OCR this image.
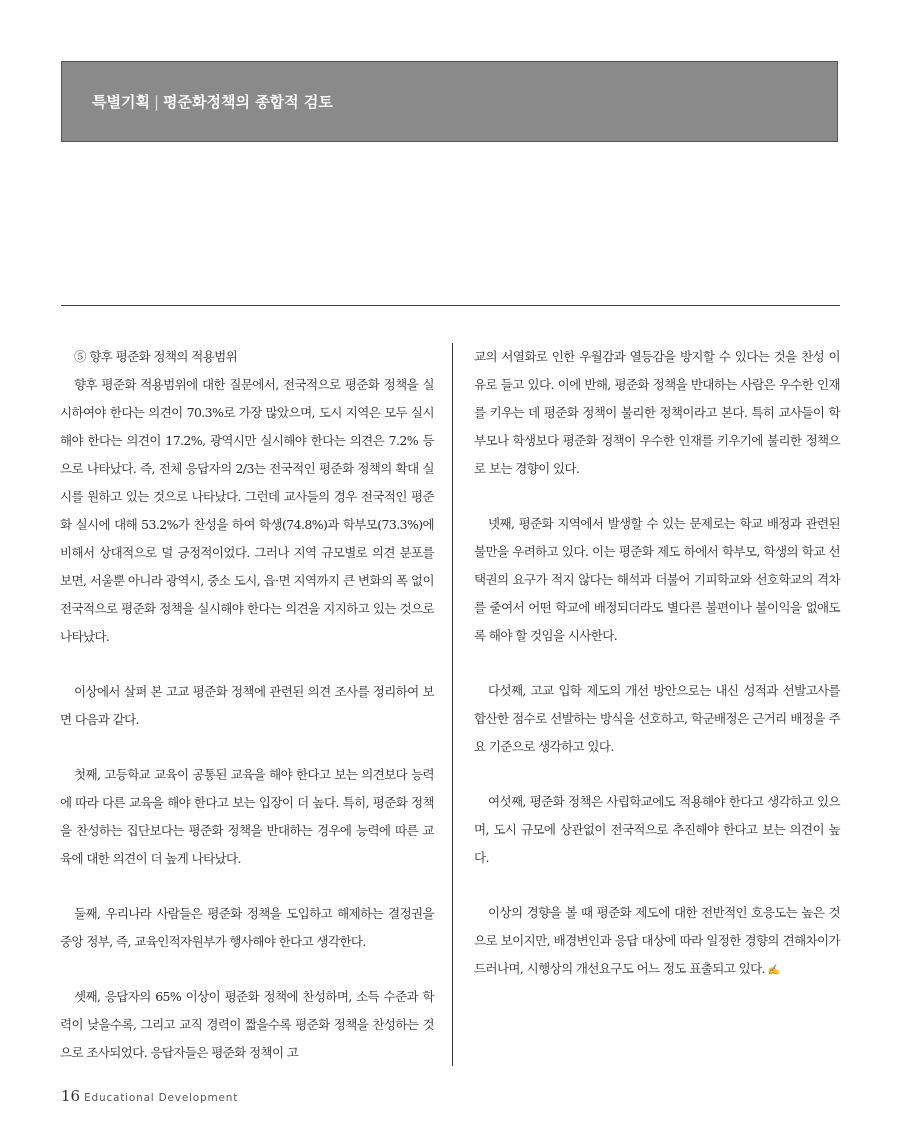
특별기획 | 평준화정책의 종합적 검토

⑤ 향후 평준화 정책의 적용범위

향후 평준화 적용범위에 대한 질문에서, 전국적으로 평준화 정책을 실시하여야 한다는 의견이 70.3%로 가장 많았으며, 도시 지역은 모두 실시해야 한다는 의견이 17.2%, 광역시만 실시해야 한다는 의견은 7.2% 등으로 나타났다. 즉, 전체 응답자의 2/3는 전국적인 평준화 정책의 확대 실시를 원하고 있는 것으로 나타났다. 그런데 교사들의 경우 전국적인 평준화 실시에 대해 53.2%가 찬성을 하여 학생(74.8%)과 학부모(73.3%)에 비해서 상대적으로 덜 긍정적이었다. 그러나 지역 규모별로 의견 분포를 보면, 서울뿐 아니라 광역시, 중소 도시, 읍·면 지역까지 큰 변화의 폭 없이 전국적으로 평준화 정책을 실시해야 한다는 의견을 지지하고 있는 것으로 나타났다.

이상에서 살펴 본 고교 평준화 정책에 관련된 의견 조사를 정리하여 보면 다음과 같다.

첫째, 고등학교 교육이 공통된 교육을 해야 한다고 보는 의견보다 능력에 따라 다른 교육을 해야 한다고 보는 입장이 더 높다. 특히, 평준화 정책을 찬성하는 집단보다는 평준화 정책을 반대하는 경우에 능력에 따른 교육에 대한 의견이 더 높게 나타났다.

둘째, 우리나라 사람들은 평준화 정책을 도입하고 해제하는 결정권을 중앙 정부, 즉, 교육인적자원부가 행사해야 한다고 생각한다.

셋째, 응답자의 65% 이상이 평준화 정책에 찬성하며, 소득 수준과 학력이 낮을수록, 그리고 교직 경력이 짧을수록 평준화 정책을 찬성하는 것으로 조사되었다. 응답자들은 평준화 정책이 고

교의 서열화로 인한 우월감과 열등감을 방지할 수 있다는 것을 찬성 이유로 들고 있다. 이에 반해, 평준화 정책을 반대하는 사람은 우수한 인재를 키우는 데 평준화 정책이 불리한 정책이라고 본다. 특히 교사들이 학부모나 학생보다 평준화 정책이 우수한 인재를 키우기에 불리한 정책으로 보는 경향이 있다.

넷째, 평준화 지역에서 발생할 수 있는 문제로는 학교 배정과 관련된 불만을 우려하고 있다. 이는 평준화 제도 하에서 학부모, 학생의 학교 선택권의 요구가 적지 않다는 해석과 더불어 기피학교와 선호학교의 격차를 줄여서 어떤 학교에 배정되더라도 별다른 불편이나 불이익을 없애도록 해야 할 것임을 시사한다.

다섯째, 고교 입학 제도의 개선 방안으로는 내신 성적과 선발고사를 합산한 점수로 선발하는 방식을 선호하고, 학군배정은 근거리 배정을 주요 기준으로 생각하고 있다.

여섯째, 평준화 정책은 사립학교에도 적용해야 한다고 생각하고 있으며, 도시 규모에 상관없이 전국적으로 추진해야 한다고 보는 의견이 높다.

이상의 경향을 볼 때 평준화 제도에 대한 전반적인 호응도는 높은 것으로 보이지만, 배경변인과 응답 대상에 따라 일정한 경향의 견해차이가 드러나며, 시행상의 개선요구도 어느 정도 표출되고 있다. ✍

16 Educational Development
